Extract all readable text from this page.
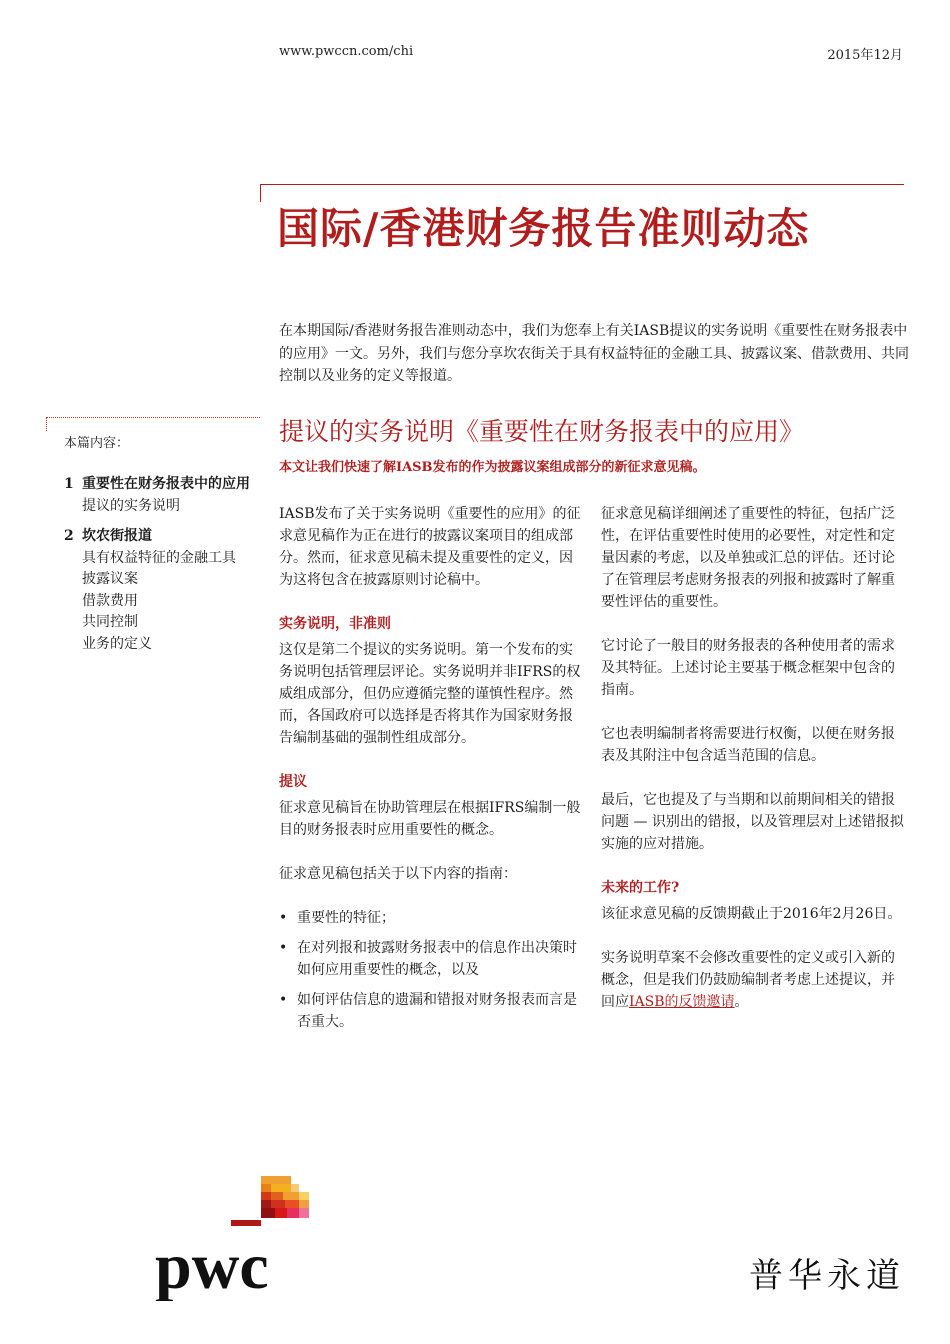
www.pwccn.com/chi	2015年12月
国际/香港财务报告准则动态
在本期国际/香港财务报告准则动态中，我们为您奉上有关IASB提议的实务说明《重要性在财务报表中的应用》一文。另外，我们与您分享坎农街关于具有权益特征的金融工具、披露议案、借款费用、共同控制以及业务的定义等报道。
本篇内容：
1 重要性在财务报表中的应用
提议的实务说明
2 坎农街报道
具有权益特征的金融工具
披露议案
借款费用
共同控制
业务的定义
提议的实务说明《重要性在财务报表中的应用》
本文让我们快速了解IASB发布的作为披露议案组成部分的新征求意见稿。

IASB发布了关于实务说明《重要性的应用》的征求意见稿作为正在进行的披露议案项目的组成部分。然而，征求意见稿未提及重要性的定义，因为这将包含在披露原则讨论稿中。

实务说明，非准则

这仅是第二个提议的实务说明。第一个发布的实务说明包括管理层评论。实务说明并非IFRS的权威组成部分，但仍应遵循完整的谨慎性程序。然而，各国政府可以选择是否将其作为国家财务报告编制基础的强制性组成部分。

提议

征求意见稿旨在协助管理层在根据IFRS编制一般目的财务报表时应用重要性的概念。

征求意见稿包括关于以下内容的指南：

• 重要性的特征；
• 在对列报和披露财务报表中的信息作出决策时如何应用重要性的概念，以及
• 如何评估信息的遗漏和错报对财务报表而言是否重大。

征求意见稿详细阐述了重要性的特征，包括广泛性，在评估重要性时使用的必要性，对定性和定量因素的考虑，以及单独或汇总的评估。还讨论了在管理层考虑财务报表的列报和披露时了解重要性评估的重要性。

它讨论了一般目的财务报表的各种使用者的需求及其特征。上述讨论主要基于概念框架中包含的指南。

它也表明编制者将需要进行权衡，以便在财务报表及其附注中包含适当范围的信息。

最后，它也提及了与当期和以前期间相关的错报问题 — 识别出的错报，以及管理层对上述错报拟实施的应对措施。

未来的工作?

该征求意见稿的反馈期截止于2016年2月26日。

实务说明草案不会修改重要性的定义或引入新的概念，但是我们仍鼓励编制者考虑上述提议，并回应IASB的反馈邀请。

pwc	普华永道
